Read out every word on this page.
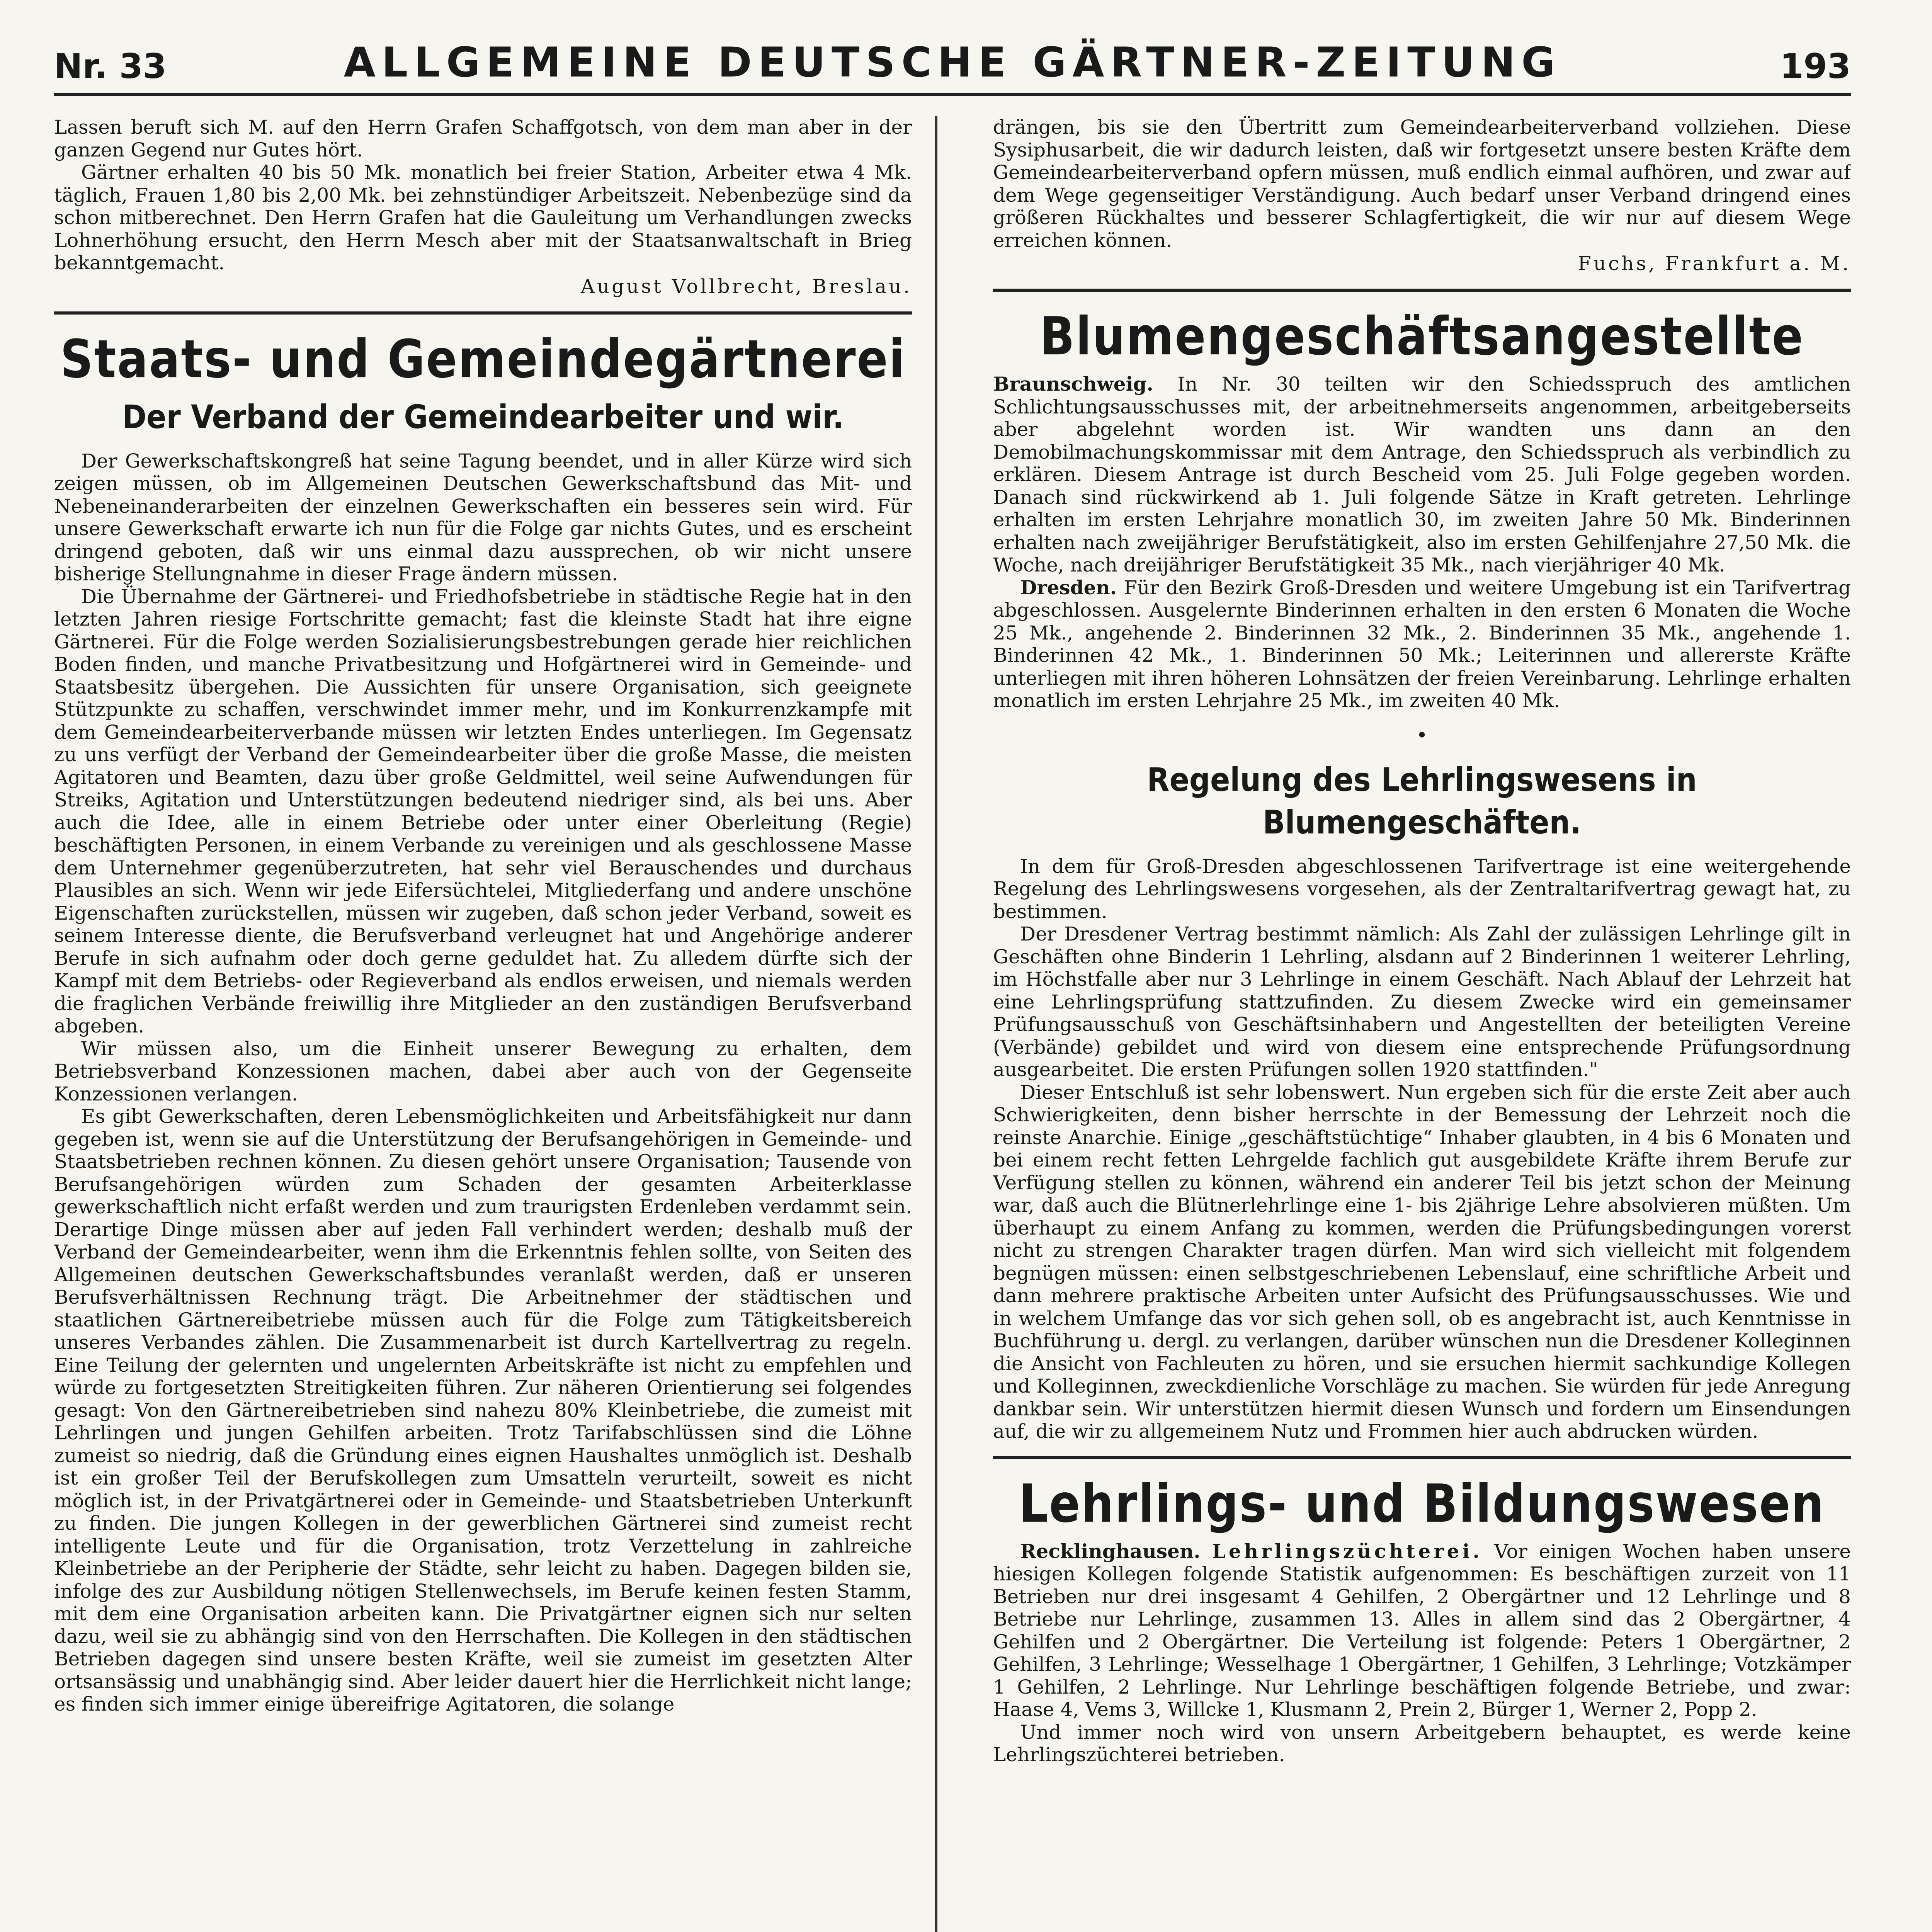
Nr. 33	ALLGEMEINE DEUTSCHE GÄRTNER-ZEITUNG	193

Lassen beruft sich M. auf den Herrn Grafen Schaffgotsch, von dem man aber in der ganzen Gegend nur Gutes hört.

Gärtner erhalten 40 bis 50 Mk. monatlich bei freier Station, Arbeiter etwa 4 Mk. täglich, Frauen 1,80 bis 2,00 Mk. bei zehnstündiger Arbeitszeit. Nebenbezüge sind da schon mitberechnet. Den Herrn Grafen hat die Gauleitung um Verhandlungen zwecks Lohnerhöhung ersucht, den Herrn Mesch aber mit der Staatsanwaltschaft in Brieg bekanntgemacht.

August Vollbrecht, Breslau.
Staats- und Gemeindegärtnerei
Der Verband der Gemeindearbeiter und wir.

Der Gewerkschaftskongreß hat seine Tagung beendet, und in aller Kürze wird sich zeigen müssen, ob im Allgemeinen Deutschen Gewerkschaftsbund das Mit- und Nebeneinanderarbeiten der einzelnen Gewerkschaften ein besseres sein wird. Für unsere Gewerkschaft erwarte ich nun für die Folge gar nichts Gutes, und es erscheint dringend geboten, daß wir uns einmal dazu aussprechen, ob wir nicht unsere bisherige Stellungnahme in dieser Frage ändern müssen.

Die Übernahme der Gärtnerei- und Friedhofsbetriebe in städtische Regie hat in den letzten Jahren riesige Fortschritte gemacht; fast die kleinste Stadt hat ihre eigne Gärtnerei. Für die Folge werden Sozialisierungsbestrebungen gerade hier reichlichen Boden finden, und manche Privatbesitzung und Hofgärtnerei wird in Gemeinde- und Staatsbesitz übergehen. Die Aussichten für unsere Organisation, sich geeignete Stützpunkte zu schaffen, verschwindet immer mehr, und im Konkurrenzkampfe mit dem Gemeindearbeiterverbande müssen wir letzten Endes unterliegen. Im Gegensatz zu uns verfügt der Verband der Gemeindearbeiter über die große Masse, die meisten Agitatoren und Beamten, dazu über große Geldmittel, weil seine Aufwendungen für Streiks, Agitation und Unterstützungen bedeutend niedriger sind, als bei uns. Aber auch die Idee, alle in einem Betriebe oder unter einer Oberleitung (Regie) beschäftigten Personen, in einem Verbande zu vereinigen und als geschlossene Masse dem Unternehmer gegenüberzutreten, hat sehr viel Berauschendes und durchaus Plausibles an sich. Wenn wir jede Eifersüchtelei, Mitgliederfang und andere unschöne Eigenschaften zurückstellen, müssen wir zugeben, daß schon jeder Verband, soweit es seinem Interesse diente, die Berufsverband verleugnet hat und Angehörige anderer Berufe in sich aufnahm oder doch gerne geduldet hat. Zu alledem dürfte sich der Kampf mit dem Betriebs- oder Regieverband als endlos erweisen, und niemals werden die fraglichen Verbände freiwillig ihre Mitglieder an den zuständigen Berufsverband abgeben.

Wir müssen also, um die Einheit unserer Bewegung zu erhalten, dem Betriebsverband Konzessionen machen, dabei aber auch von der Gegenseite Konzessionen verlangen.

Es gibt Gewerkschaften, deren Lebensmöglichkeiten und Arbeitsfähigkeit nur dann gegeben ist, wenn sie auf die Unterstützung der Berufsangehörigen in Gemeinde- und Staatsbetrieben rechnen können. Zu diesen gehört unsere Organisation; Tausende von Berufsangehörigen würden zum Schaden der gesamten Arbeiterklasse gewerkschaftlich nicht erfaßt werden und zum traurigsten Erdenleben verdammt sein. Derartige Dinge müssen aber auf jeden Fall verhindert werden; deshalb muß der Verband der Gemeindearbeiter, wenn ihm die Erkenntnis fehlen sollte, von Seiten des Allgemeinen deutschen Gewerkschaftsbundes veranlaßt werden, daß er unseren Berufsverhältnissen Rechnung trägt. Die Arbeitnehmer der städtischen und staatlichen Gärtnereibetriebe müssen auch für die Folge zum Tätigkeitsbereich unseres Verbandes zählen. Die Zusammenarbeit ist durch Kartellvertrag zu regeln. Eine Teilung der gelernten und ungelernten Arbeitskräfte ist nicht zu empfehlen und würde zu fortgesetzten Streitigkeiten führen. Zur näheren Orientierung sei folgendes gesagt: Von den Gärtnereibetrieben sind nahezu 80% Kleinbetriebe, die zumeist mit Lehrlingen und jungen Gehilfen arbeiten. Trotz Tarifabschlüssen sind die Löhne zumeist so niedrig, daß die Gründung eines eignen Haushaltes unmöglich ist. Deshalb ist ein großer Teil der Berufskollegen zum Umsatteln verurteilt, soweit es nicht möglich ist, in der Privatgärtnerei oder in Gemeinde- und Staatsbetrieben Unterkunft zu finden. Die jungen Kollegen in der gewerblichen Gärtnerei sind zumeist recht intelligente Leute und für die Organisation, trotz Verzettelung in zahlreiche Kleinbetriebe an der Peripherie der Städte, sehr leicht zu haben. Dagegen bilden sie, infolge des zur Ausbildung nötigen Stellenwechsels, im Berufe keinen festen Stamm, mit dem eine Organisation arbeiten kann. Die Privatgärtner eignen sich nur selten dazu, weil sie zu abhängig sind von den Herrschaften. Die Kollegen in den städtischen Betrieben dagegen sind unsere besten Kräfte, weil sie zumeist im gesetzten Alter ortsansässig und unabhängig sind. Aber leider dauert hier die Herrlichkeit nicht lange; es finden sich immer einige übereifrige Agitatoren, die solange

drängen, bis sie den Übertritt zum Gemeindearbeiterverband vollziehen. Diese Sysiphusarbeit, die wir dadurch leisten, daß wir fortgesetzt unsere besten Kräfte dem Gemeindearbeiterverband opfern müssen, muß endlich einmal aufhören, und zwar auf dem Wege gegenseitiger Verständigung. Auch bedarf unser Verband dringend eines größeren Rückhaltes und besserer Schlagfertigkeit, die wir nur auf diesem Wege erreichen können.

Fuchs, Frankfurt a. M.
Blumengeschäftsangestellte

Braunschweig. In Nr. 30 teilten wir den Schiedsspruch des amtlichen Schlichtungsausschusses mit, der arbeitnehmerseits angenommen, arbeitgeberseits aber abgelehnt worden ist. Wir wandten uns dann an den Demobilmachungskommissar mit dem Antrage, den Schiedsspruch als verbindlich zu erklären. Diesem Antrage ist durch Bescheid vom 25. Juli Folge gegeben worden. Danach sind rückwirkend ab 1. Juli folgende Sätze in Kraft getreten. Lehrlinge erhalten im ersten Lehrjahre monatlich 30, im zweiten Jahre 50 Mk. Binderinnen erhalten nach zweijähriger Berufstätigkeit, also im ersten Gehilfenjahre 27,50 Mk. die Woche, nach dreijähriger Berufstätigkeit 35 Mk., nach vierjähriger 40 Mk.

Dresden. Für den Bezirk Groß-Dresden und weitere Umgebung ist ein Tarifvertrag abgeschlossen. Ausgelernte Binderinnen erhalten in den ersten 6 Monaten die Woche 25 Mk., angehende 2. Binderinnen 32 Mk., 2. Binderinnen 35 Mk., angehende 1. Binderinnen 42 Mk., 1. Binderinnen 50 Mk.; Leiterinnen und allererste Kräfte unterliegen mit ihren höheren Lohnsätzen der freien Vereinbarung. Lehrlinge erhalten monatlich im ersten Lehrjahre 25 Mk., im zweiten 40 Mk.

•
Regelung des Lehrlingswesens in Blumengeschäften.

In dem für Groß-Dresden abgeschlossenen Tarifvertrage ist eine weitergehende Regelung des Lehrlingswesens vorgesehen, als der Zentraltarifvertrag gewagt hat, zu bestimmen.

Der Dresdener Vertrag bestimmt nämlich: Als Zahl der zulässigen Lehrlinge gilt in Geschäften ohne Binderin 1 Lehrling, alsdann auf 2 Binderinnen 1 weiterer Lehrling, im Höchstfalle aber nur 3 Lehrlinge in einem Geschäft. Nach Ablauf der Lehrzeit hat eine Lehrlingsprüfung stattzufinden. Zu diesem Zwecke wird ein gemeinsamer Prüfungsausschuß von Geschäftsinhabern und Angestellten der beteiligten Vereine (Verbände) gebildet und wird von diesem eine entsprechende Prüfungsordnung ausgearbeitet. Die ersten Prüfungen sollen 1920 stattfinden."

Dieser Entschluß ist sehr lobenswert. Nun ergeben sich für die erste Zeit aber auch Schwierigkeiten, denn bisher herrschte in der Bemessung der Lehrzeit noch die reinste Anarchie. Einige „geschäftstüchtige“ Inhaber glaubten, in 4 bis 6 Monaten und bei einem recht fetten Lehrgelde fachlich gut ausgebildete Kräfte ihrem Berufe zur Verfügung stellen zu können, während ein anderer Teil bis jetzt schon der Meinung war, daß auch die Blütnerlehrlinge eine 1- bis 2jährige Lehre absolvieren müßten. Um überhaupt zu einem Anfang zu kommen, werden die Prüfungsbedingungen vorerst nicht zu strengen Charakter tragen dürfen. Man wird sich vielleicht mit folgendem begnügen müssen: einen selbstgeschriebenen Lebenslauf, eine schriftliche Arbeit und dann mehrere praktische Arbeiten unter Aufsicht des Prüfungsausschusses. Wie und in welchem Umfange das vor sich gehen soll, ob es angebracht ist, auch Kenntnisse in Buchführung u. dergl. zu verlangen, darüber wünschen nun die Dresdener Kolleginnen die Ansicht von Fachleuten zu hören, und sie ersuchen hiermit sachkundige Kollegen und Kolleginnen, zweckdienliche Vorschläge zu machen. Sie würden für jede Anregung dankbar sein. Wir unterstützen hiermit diesen Wunsch und fordern um Einsendungen auf, die wir zu allgemeinem Nutz und Frommen hier auch abdrucken würden.

Lehrlings- und Bildungswesen

Recklinghausen. Lehrlingszüchterei. Vor einigen Wochen haben unsere hiesigen Kollegen folgende Statistik aufgenommen: Es beschäftigen zurzeit von 11 Betrieben nur drei insgesamt 4 Gehilfen, 2 Obergärtner und 12 Lehrlinge und 8 Betriebe nur Lehrlinge, zusammen 13. Alles in allem sind das 2 Obergärtner, 4 Gehilfen und 2 Obergärtner. Die Verteilung ist folgende: Peters 1 Obergärtner, 2 Gehilfen, 3 Lehrlinge; Wesselhage 1 Obergärtner, 1 Gehilfen, 3 Lehrlinge; Votzkämper 1 Gehilfen, 2 Lehrlinge. Nur Lehrlinge beschäftigen folgende Betriebe, und zwar: Haase 4, Vems 3, Willcke 1, Klusmann 2, Prein 2, Bürger 1, Werner 2, Popp 2.

Und immer noch wird von unsern Arbeitgebern behauptet, es werde keine Lehrlingszüchterei betrieben.
